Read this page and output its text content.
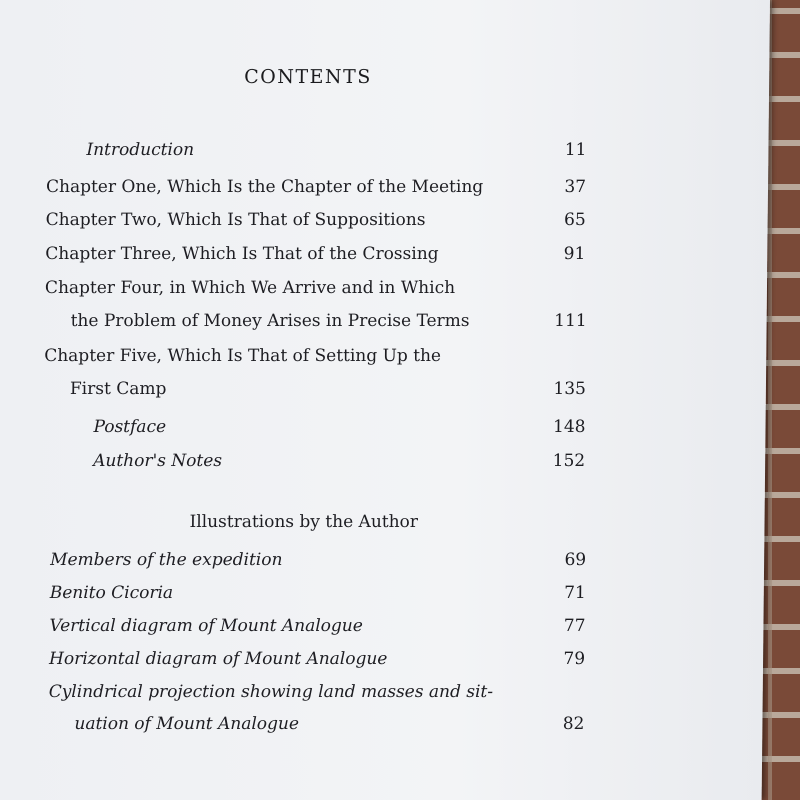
CONTENTS
Introduction	11
Chapter One, Which Is the Chapter of the Meeting	37
Chapter Two, Which Is That of Suppositions	65
Chapter Three, Which Is That of the Crossing	91
Chapter Four, in Which We Arrive and in Which
the Problem of Money Arises in Precise Terms	111
Chapter Five, Which Is That of Setting Up the
First Camp	135
Postface	148
Author's Notes	152
Illustrations by the Author
Members of the expedition	69
Benito Cicoria	71
Vertical diagram of Mount Analogue	77
Horizontal diagram of Mount Analogue	79
Cylindrical projection showing land masses and sit-
uation of Mount Analogue	82
